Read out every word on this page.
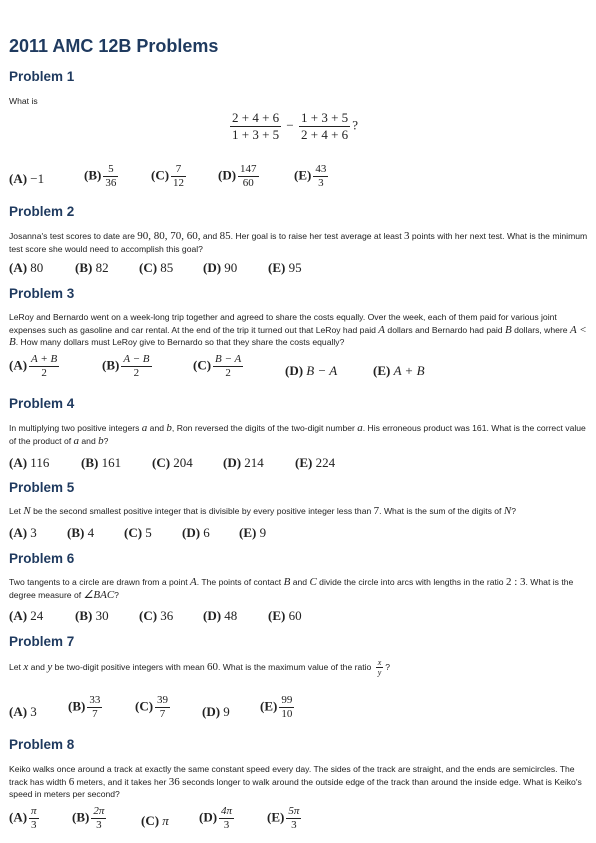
2011 AMC 12B Problems
Problem 1
What is
$\frac{2 + 4 + 6}{1 + 3 + 5} - \frac{1 + 3 + 5}{2 + 4 + 6}$ ?
(A) −1	$(B) \frac{5}{36}$	$(C) \frac{7}{12} (D) \frac{147}{60}$	$(E) \frac{43}{3}$
Problem 2
Josanna's test scores to date are 90, 80, 70, 60, and 85. Her goal is to raise her test average at least 3 points with her next test. What is the minimum test score she would need to accomplish this goal?
(A) 80 (B) 82 (C) 85 (D) 90 (E) 95
Problem 3
LeRoy and Bernardo went on a week-long trip together and agreed to share the costs equally. Over the week, each of them paid for various joint expenses such as gasoline and car rental. At the end of the trip it turned out that LeRoy had paid A dollars and Bernardo had paid B dollars, where A < B. How many dollars must LeRoy give to Bernardo so that they share the costs equally?
$(A) \frac{A + B}{2}$	$(B) \frac{A - B}{2}$	$(C) \frac{B - A}{2}$	(D) B − A	(E) A + B
Problem 4
In multiplying two positive integers a and b, Ron reversed the digits of the two-digit number a. His erroneous product was 161. What is the correct value of the product of a and b?
(A) 116 (B) 161 (C) 204 (D) 214 (E) 224
Problem 5
Let N be the second smallest positive integer that is divisible by every positive integer less than 7. What is the sum of the digits of N?
(A) 3 (B) 4 (C) 5 (D) 6 (E) 9
Problem 6
Two tangents to a circle are drawn from a point A. The points of contact B and C divide the circle into arcs with lengths in the ratio 2 : 3. What is the degree measure of ∠BAC?
(A) 24 (B) 30 (C) 36 (D) 48 (E) 60
Problem 7
Let x and y be two-digit positive integers with mean 60. What is the maximum value of the ratio $\frac{x}{y}$ ?
(A) 3 $(B) \frac{33}{7}$	$(C) \frac{39}{7} (D)$ 9 $(E) \frac{99}{10}$
Problem 8
Keiko walks once around a track at exactly the same constant speed every day. The sides of the track are straight, and the ends are semicircles. The track has width 6 meters, and it takes her 36 seconds longer to walk around the outside edge of the track than around the inside edge. What is Keiko's speed in meters per second?
$(A) \frac{\pi}{3}$	$(B) \frac{2\pi}{3}$	(C) π $(D) \frac{4\pi}{3}$	$(E) \frac{5\pi}{3}$
